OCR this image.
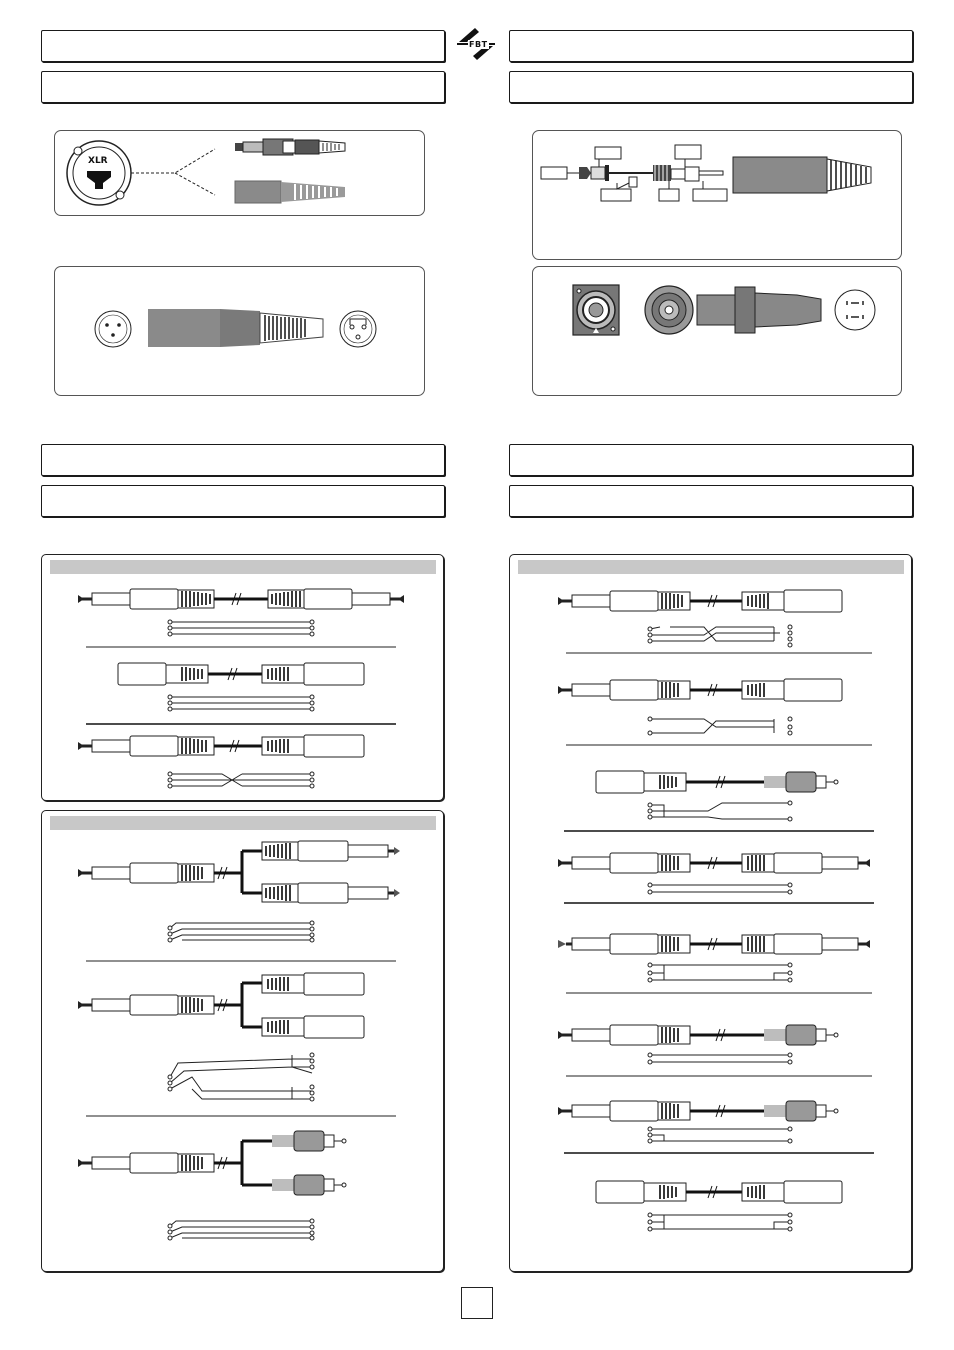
FBT
XLR
